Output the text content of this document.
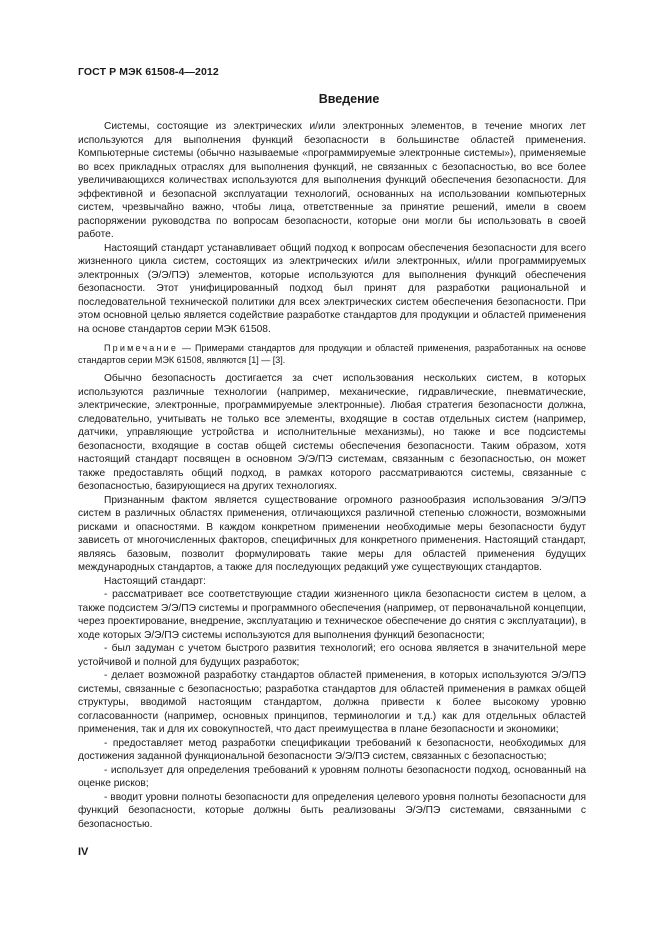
ГОСТ Р МЭК 61508-4—2012
Введение

Системы, состоящие из электрических и/или электронных элементов, в течение многих лет используются для выполнения функций безопасности в большинстве областей применения. Компьютерные системы (обычно называемые «программируемые электронные системы»), применяемые во всех прикладных отраслях для выполнения функций, не связанных с безопасностью, во все более увеличивающихся количествах используются для выполнения функций обеспечения безопасности. Для эффективной и безопасной эксплуатации технологий, основанных на использовании компьютерных систем, чрезвычайно важно, чтобы лица, ответственные за принятие решений, имели в своем распоряжении руководства по вопросам безопасности, которые они могли бы использовать в своей работе.

Настоящий стандарт устанавливает общий подход к вопросам обеспечения безопасности для всего жизненного цикла систем, состоящих из электрических и/или электронных, и/или программируемых электронных (Э/Э/ПЭ) элементов, которые используются для выполнения функций обеспечения безопасности. Этот унифицированный подход был принят для разработки рациональной и последовательной технической политики для всех электрических систем обеспечения безопасности. При этом основной целью является содействие разработке стандартов для продукции и областей применения на основе стандартов серии МЭК 61508.

Примечание — Примерами стандартов для продукции и областей применения, разработанных на основе стандартов серии МЭК 61508, являются [1] — [3].

Обычно безопасность достигается за счет использования нескольких систем, в которых используются различные технологии (например, механические, гидравлические, пневматические, электрические, электронные, программируемые электронные). Любая стратегия безопасности должна, следовательно, учитывать не только все элементы, входящие в состав отдельных систем (например, датчики, управляющие устройства и исполнительные механизмы), но также и все подсистемы безопасности, входящие в состав общей системы обеспечения безопасности. Таким образом, хотя настоящий стандарт посвящен в основном Э/Э/ПЭ системам, связанным с безопасностью, он может также предоставлять общий подход, в рамках которого рассматриваются системы, связанные с безопасностью, базирующиеся на других технологиях.

Признанным фактом является существование огромного разнообразия использования Э/Э/ПЭ систем в различных областях применения, отличающихся различной степенью сложности, возможными рисками и опасностями. В каждом конкретном применении необходимые меры безопасности будут зависеть от многочисленных факторов, специфичных для конкретного применения. Настоящий стандарт, являясь базовым, позволит формулировать такие меры для областей применения будущих международных стандартов, а также для последующих редакций уже существующих стандартов.

Настоящий стандарт:

- рассматривает все соответствующие стадии жизненного цикла безопасности систем в целом, а также подсистем Э/Э/ПЭ системы и программного обеспечения (например, от первоначальной концепции, через проектирование, внедрение, эксплуатацию и техническое обеспечение до снятия с эксплуатации), в ходе которых Э/Э/ПЭ системы используются для выполнения функций безопасности;

- был задуман с учетом быстрого развития технологий; его основа является в значительной мере устойчивой и полной для будущих разработок;

- делает возможной разработку стандартов областей применения, в которых используются Э/Э/ПЭ системы, связанные с безопасностью; разработка стандартов для областей применения в рамках общей структуры, вводимой настоящим стандартом, должна привести к более высокому уровню согласованности (например, основных принципов, терминологии и т.д.) как для отдельных областей применения, так и для их совокупностей, что даст преимущества в плане безопасности и экономики;

- предоставляет метод разработки спецификации требований к безопасности, необходимых для достижения заданной функциональной безопасности Э/Э/ПЭ систем, связанных с безопасностью;

- использует для определения требований к уровням полноты безопасности подход, основанный на оценке рисков;

- вводит уровни полноты безопасности для определения целевого уровня полноты безопасности для функций безопасности, которые должны быть реализованы Э/Э/ПЭ системами, связанными с безопасностью.

IV
